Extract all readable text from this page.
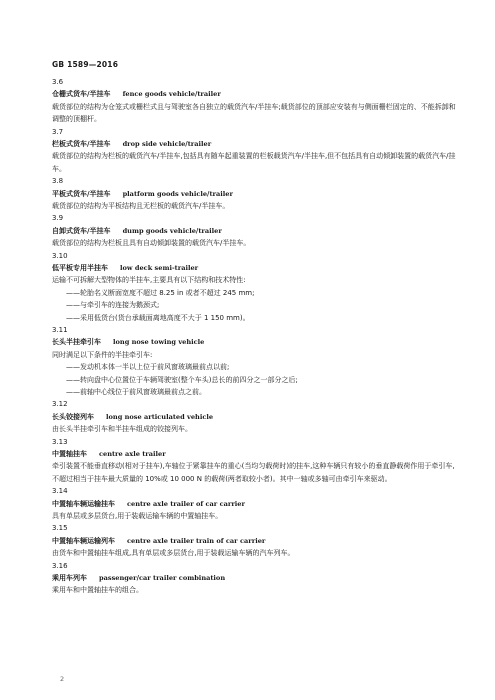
GB 1589—2016
3.6
仓栅式货车/半挂车 fence goods vehicle/trailer
载货部位的结构为仓笼式或栅栏式且与驾驶室各自独立的载货汽车/半挂车;载货部位的顶部应安装有与侧面栅栏固定的、不能拆卸和调整的顶棚杆。
3.7
栏板式货车/半挂车 drop side vehicle/trailer
载货部位的结构为栏板的载货汽车/半挂车,包括具有随车起重装置的栏板载货汽车/半挂车,但不包括具有自动倾卸装置的载货汽车/挂车。
3.8
平板式货车/半挂车 platform goods vehicle/trailer
载货部位的结构为平板结构且无栏板的载货汽车/半挂车。
3.9
自卸式货车/半挂车 dump goods vehicle/trailer
载货部位的结构为栏板且具有自动倾卸装置的载货汽车/半挂车。
3.10
低平板专用半挂车 low deck semi-trailer
运输不可拆解大型物体的半挂车,主要具有以下结构和技术特性:
——轮胎名义断面宽度不超过 8.25 in 或者不超过 245 mm;
——与牵引车的连接为鹅颈式;
——采用低货台(货台承载面离地高度不大于 1 150 mm)。
3.11
长头半挂牵引车 long nose towing vehicle
同时满足以下条件的半挂牵引车:
——发动机本体一半以上位于前风窗玻璃最前点以前;
——转向盘中心位置位于车辆驾驶室(整个车头)总长的前四分之一部分之后;
——前轴中心线位于前风窗玻璃最前点之前。
3.12
长头铰接列车 long nose articulated vehicle
由长头半挂牵引车和半挂车组成的铰接列车。
3.13
中置轴挂车 centre axle trailer
牵引装置不能垂直移动(相对于挂车),车轴位于紧靠挂车的重心(当均匀载荷时)的挂车,这种车辆只有较小的垂直静载荷作用于牵引车,不超过相当于挂车最大质量的 10%或 10 000 N 的载荷(两者取较小者)。其中一轴或多轴可由牵引车来驱动。
3.14
中置轴车辆运输挂车 centre axle trailer of car carrier
具有单层或多层货台,用于装载运输车辆的中置轴挂车。
3.15
中置轴车辆运输列车 centre axle trailer train of car carrier
由货车和中置轴挂车组成,具有单层或多层货台,用于装载运输车辆的汽车列车。
3.16
乘用车列车 passenger/car trailer combination
乘用车和中置轴挂车的组合。
2
